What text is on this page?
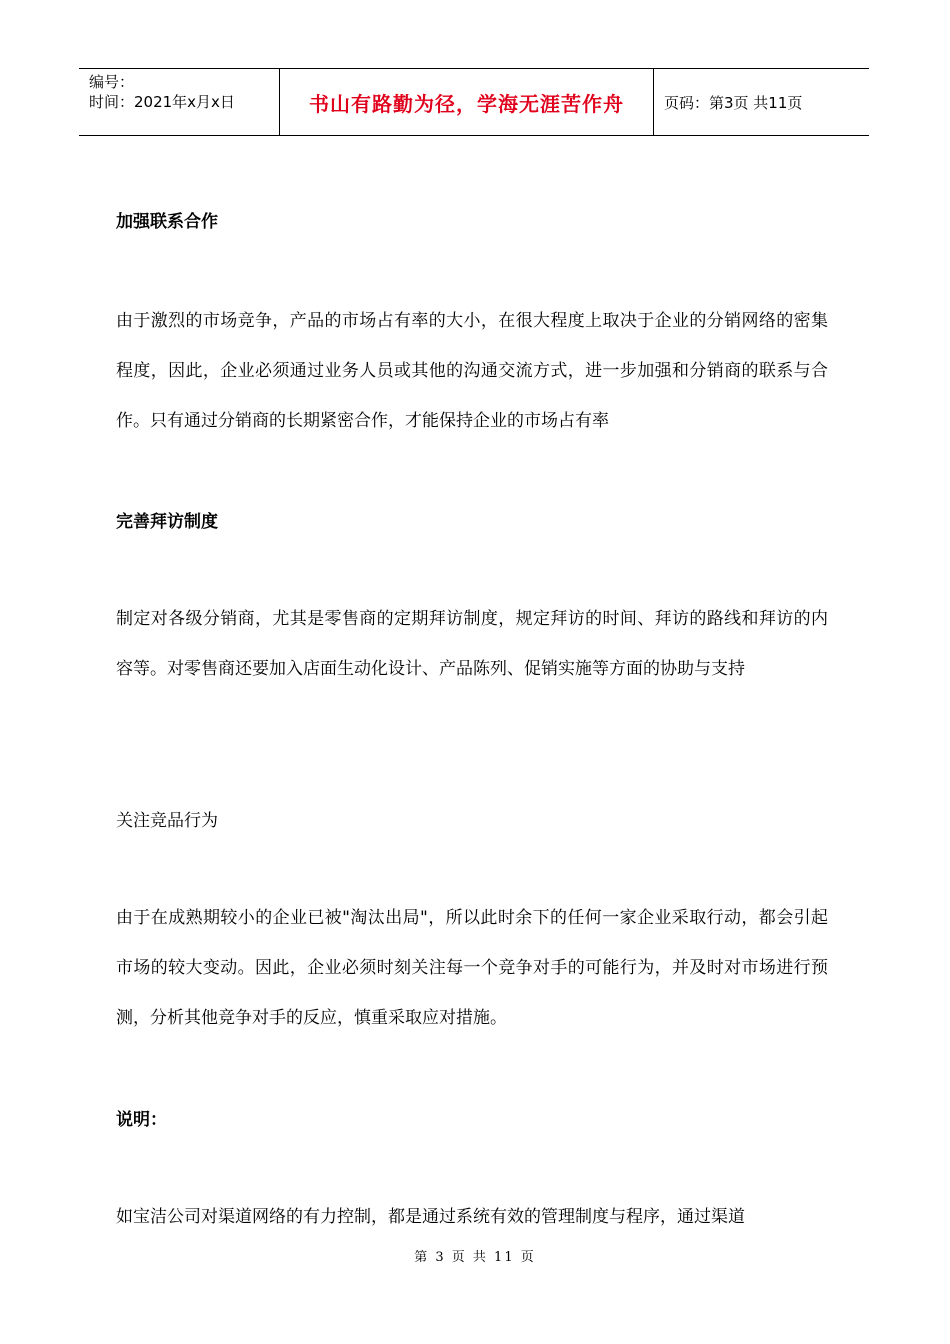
编号：
时间：2021年x月x日	书山有路勤为径，学海无涯苦作舟	页码：第3页 共11页
加强联系合作

由于激烈的市场竞争，产品的市场占有率的大小，在很大程度上取决于企业的分销网络的密集程度，因此，企业必须通过业务人员或其他的沟通交流方式，进一步加强和分销商的联系与合作。只有通过分销商的长期紧密合作，才能保持企业的市场占有率

完善拜访制度

制定对各级分销商，尤其是零售商的定期拜访制度，规定拜访的时间、拜访的路线和拜访的内容等。对零售商还要加入店面生动化设计、产品陈列、促销实施等方面的协助与支持

关注竞品行为

由于在成熟期较小的企业已被"淘汰出局"，所以此时余下的任何一家企业采取行动，都会引起市场的较大变动。因此，企业必须时刻关注每一个竞争对手的可能行为，并及时对市场进行预测，分析其他竞争对手的反应，慎重采取应对措施。

说明：

如宝洁公司对渠道网络的有力控制，都是通过系统有效的管理制度与程序，通过渠道

第 3 页 共 11 页
